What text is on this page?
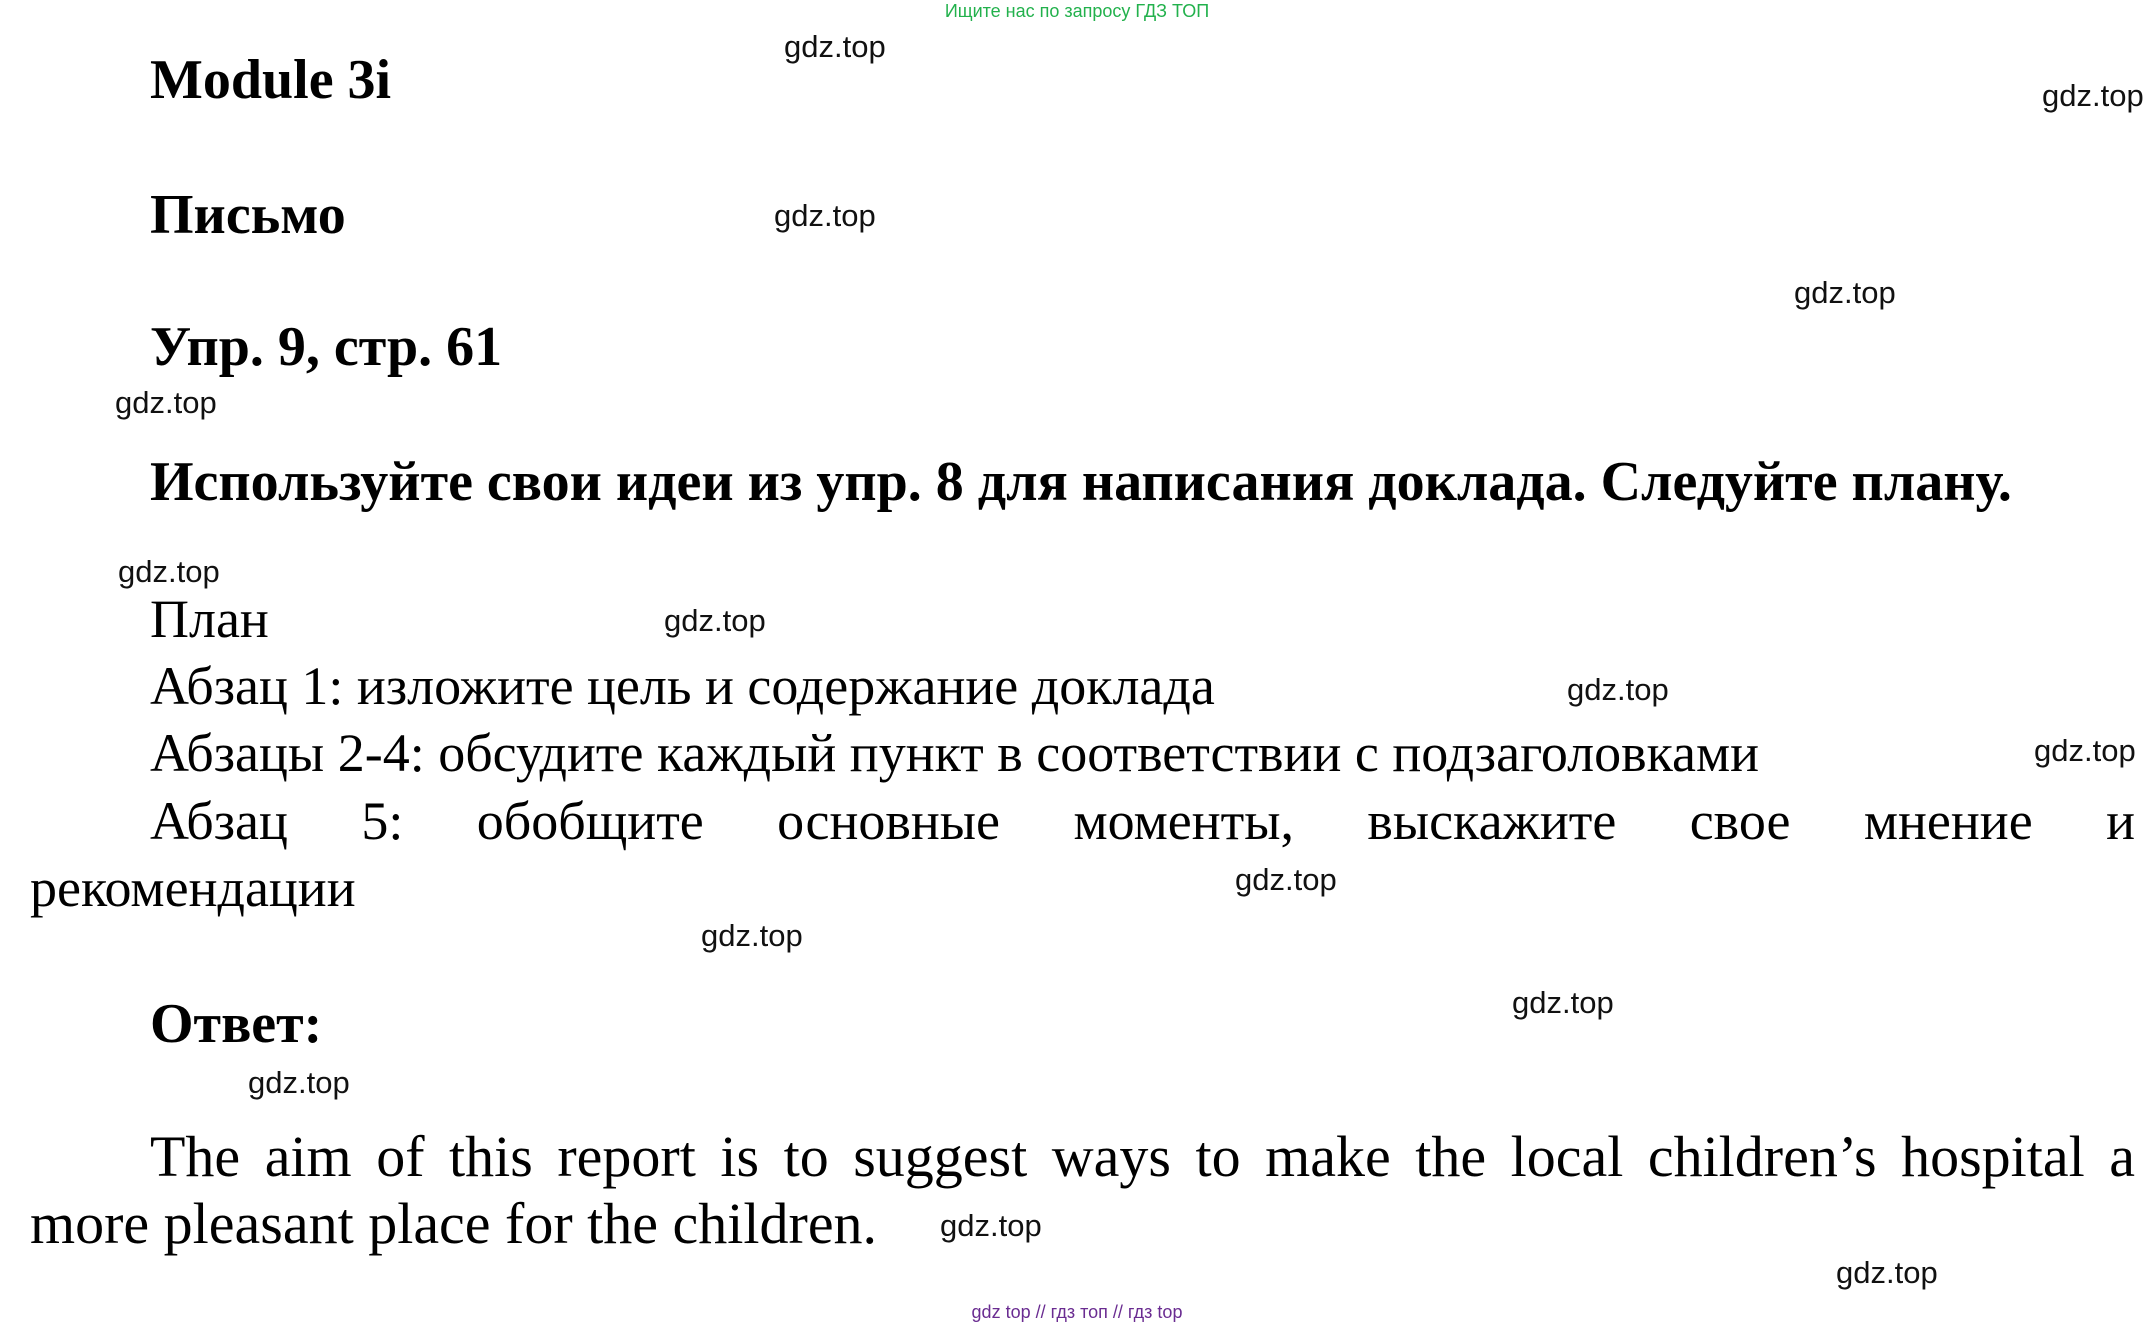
Ищите нас по запросу ГДЗ ТОП
Module 3i
Письмо
Упр. 9, стр. 61
Используйте свои идеи из упр. 8 для написания доклада. Следуйте плану.
План
Абзац 1: изложите цель и содержание доклада
Абзацы 2-4: обсудите каждый пункт в соответствии с подзаголовками
Абзац 5: обобщите основные моменты, выскажите свое мнение и
рекомендации
Ответ:
The aim of this report is to suggest ways to make the local children’s hospital a
more pleasant place for the children.
gdz.top
gdz.top
gdz.top
gdz.top
gdz.top
gdz.top
gdz.top
gdz.top
gdz.top
gdz.top
gdz.top
gdz.top
gdz.top
gdz.top
gdz.top
gdz top // гдз топ // гдз top
